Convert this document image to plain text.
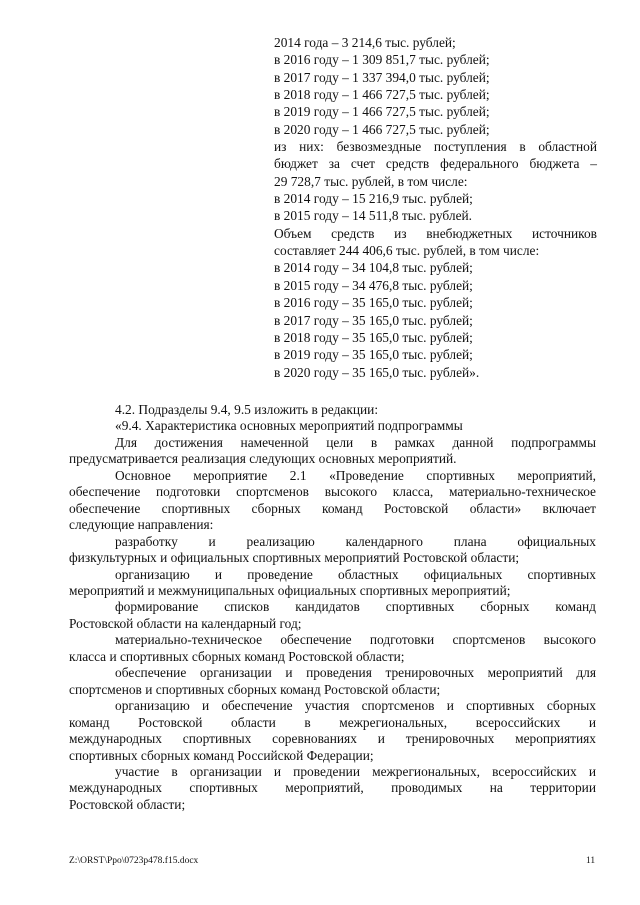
2014 года – 3 214,6 тыс. рублей;
в 2016 году – 1 309 851,7 тыс. рублей;
в 2017 году – 1 337 394,0 тыс. рублей;
в 2018 году – 1 466 727,5 тыс. рублей;
в 2019 году – 1 466 727,5 тыс. рублей;
в 2020 году – 1 466 727,5 тыс. рублей;
из них: безвозмездные поступления в областной
бюджет за счет средств федерального бюджета –
29 728,7 тыс. рублей, в том числе:
в 2014 году – 15 216,9 тыс. рублей;
в 2015 году – 14 511,8 тыс. рублей.
Объем средств из внебюджетных источников
составляет 244 406,6 тыс. рублей, в том числе:
в 2014 году – 34 104,8 тыс. рублей;
в 2015 году – 34 476,8 тыс. рублей;
в 2016 году – 35 165,0 тыс. рублей;
в 2017 году – 35 165,0 тыс. рублей;
в 2018 году – 35 165,0 тыс. рублей;
в 2019 году – 35 165,0 тыс. рублей;
в 2020 году – 35 165,0 тыс. рублей».
4.2. Подразделы 9.4, 9.5 изложить в редакции:
«9.4. Характеристика основных мероприятий подпрограммы
Для достижения намеченной цели в рамках данной подпрограммы
предусматривается реализация следующих основных мероприятий.
Основное мероприятие 2.1 «Проведение спортивных мероприятий,
обеспечение подготовки спортсменов высокого класса, материально-техническое
обеспечение спортивных сборных команд Ростовской области» включает
следующие направления:
разработку и реализацию календарного плана официальных
физкультурных и официальных спортивных мероприятий Ростовской области;
организацию и проведение областных официальных спортивных
мероприятий и межмуниципальных официальных спортивных мероприятий;
формирование списков кандидатов спортивных сборных команд
Ростовской области на календарный год;
материально-техническое обеспечение подготовки спортсменов высокого
класса и спортивных сборных команд Ростовской области;
обеспечение организации и проведения тренировочных мероприятий для
спортсменов и спортивных сборных команд Ростовской области;
организацию и обеспечение участия спортсменов и спортивных сборных
команд Ростовской области в межрегиональных, всероссийских и
международных спортивных соревнованиях и тренировочных мероприятиях
спортивных сборных команд Российской Федерации;
участие в организации и проведении межрегиональных, всероссийских и
международных спортивных мероприятий, проводимых на территории
Ростовской области;
Z:\ORST\Ppo\0723p478.f15.docx	11
